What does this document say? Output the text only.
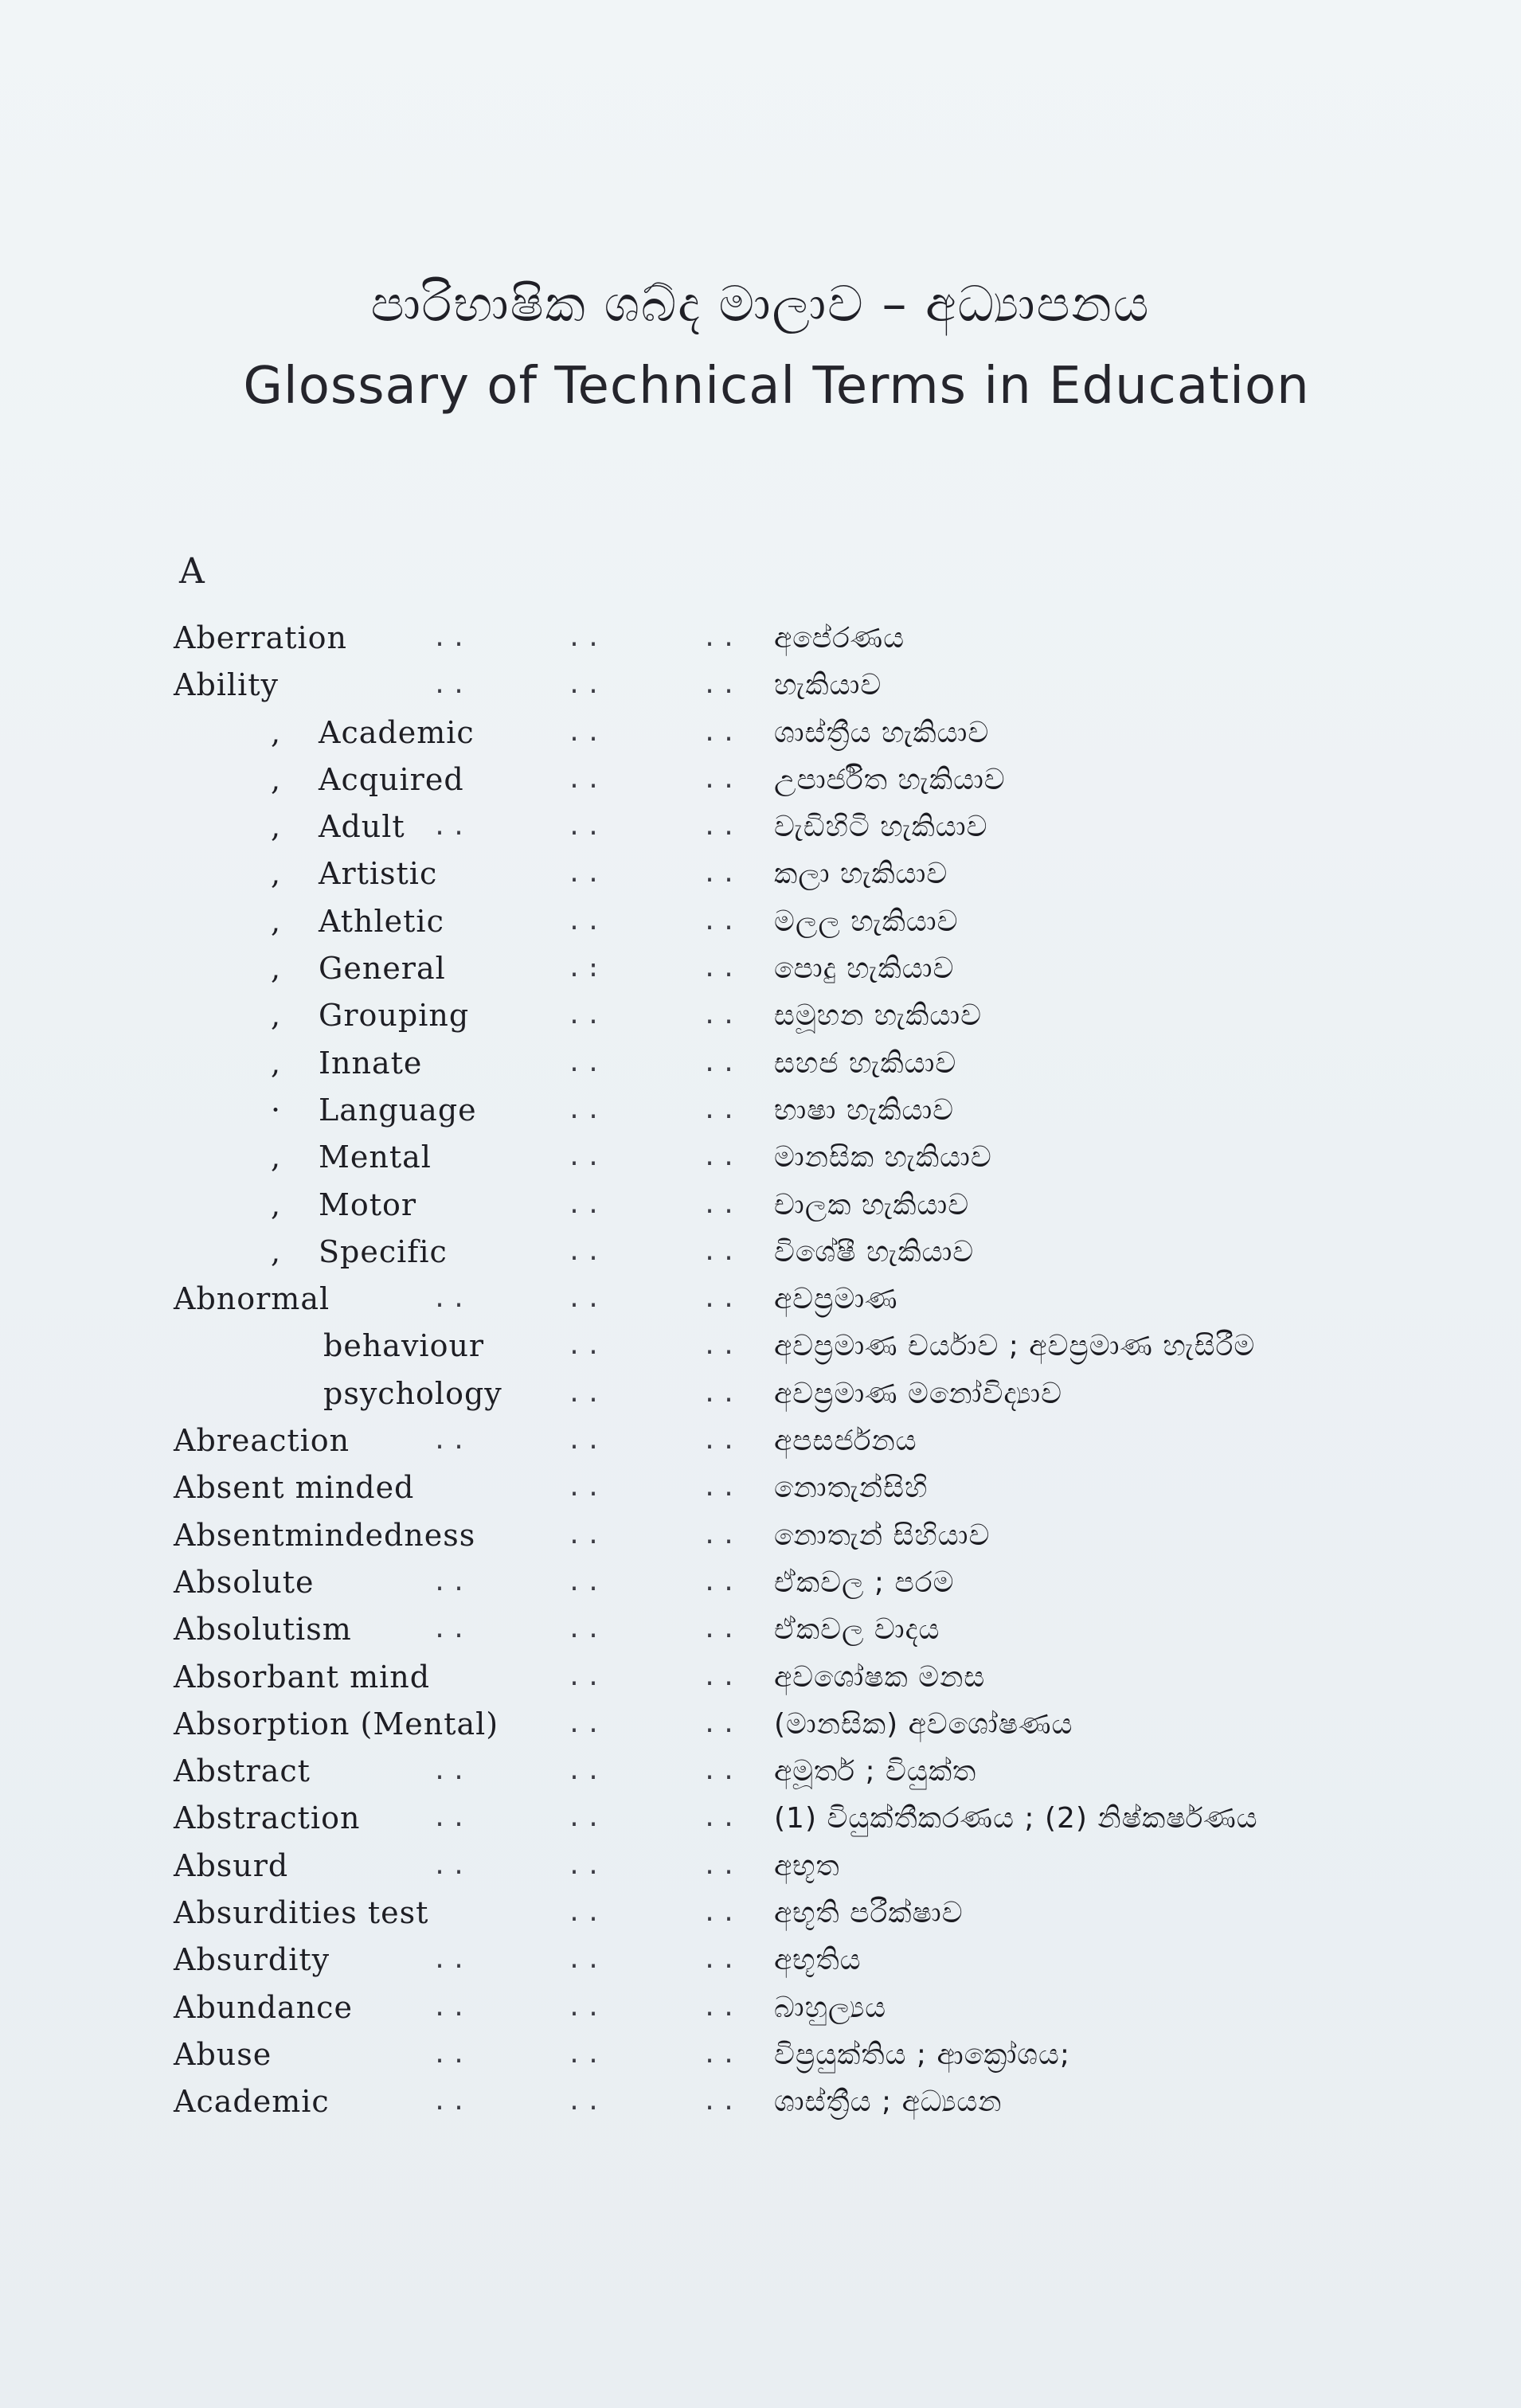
පාරිභාෂික ශබ්ද මාලාව – අධ්‍යාපනය
Glossary of Technical Terms in Education
A
Aberration	..	..	.. අපේරණය
Ability	..	..	.. හැකියාව
, Academic	..	.. ශාස්ත්‍රීය හැකියාව
, Acquired	..	.. උපාර්ජිත හැකියාව
, Adult ..	..	.. වැඩිහිටි හැකියාව
, Artistic	..	.. කලා හැකියාව
, Athletic	..	.. මලල හැකියාව
, General	.:	.. පොදු හැකියාව
, Grouping	..	.. සමූහන හැකියාව
, Innate	..	.. සහජ හැකියාව
· Language	..	.. භාෂා හැකියාව
, Mental	..	.. මානසික හැකියාව
, Motor	..	.. චාලක හැකියාව
, Specific	..	.. විශේෂී හැකියාව
Abnormal	..	..	.. අවප්‍රමාණ
behaviour	..	.. අවප්‍රමාණ චර්යාව ; අවප්‍රමාණ හැසිරීම
psychology	..	.. අවප්‍රමාණ මනෝවිද්‍යාව
Abreaction	..	..	.. අපසර්ජනය
Absent minded	..	.. නොතැන්සිහි
Absentmindedness	..	.. නොතැන් සිහියාව
Absolute	..	..	.. ඒකවල ; පරම
Absolutism	..	..	.. ඒකවල වාදය
Absorbant mind	..	.. අවශෝෂක මනස
Absorption (Mental)	..	.. (මානසික) අවශෝෂණය
Abstract	..	..	.. අමූර්ත ; වියුක්ත
Abstraction	..	..	.. (1) වියුක්තීකරණය ; (2) නිෂ්කර්ෂණය
Absurd	..	..	.. අභූත
Absurdities test	..	.. අභූති පරීක්ෂාව
Absurdity	..	..	.. අභූතිය
Abundance	..	..	.. බාහුල්‍යය
Abuse	..	..	.. විප්‍රයුක්තිය ; ආක්‍රෝශය;
Academic	..	..	.. ශාස්ත්‍රීය ; අධ්‍යයන
